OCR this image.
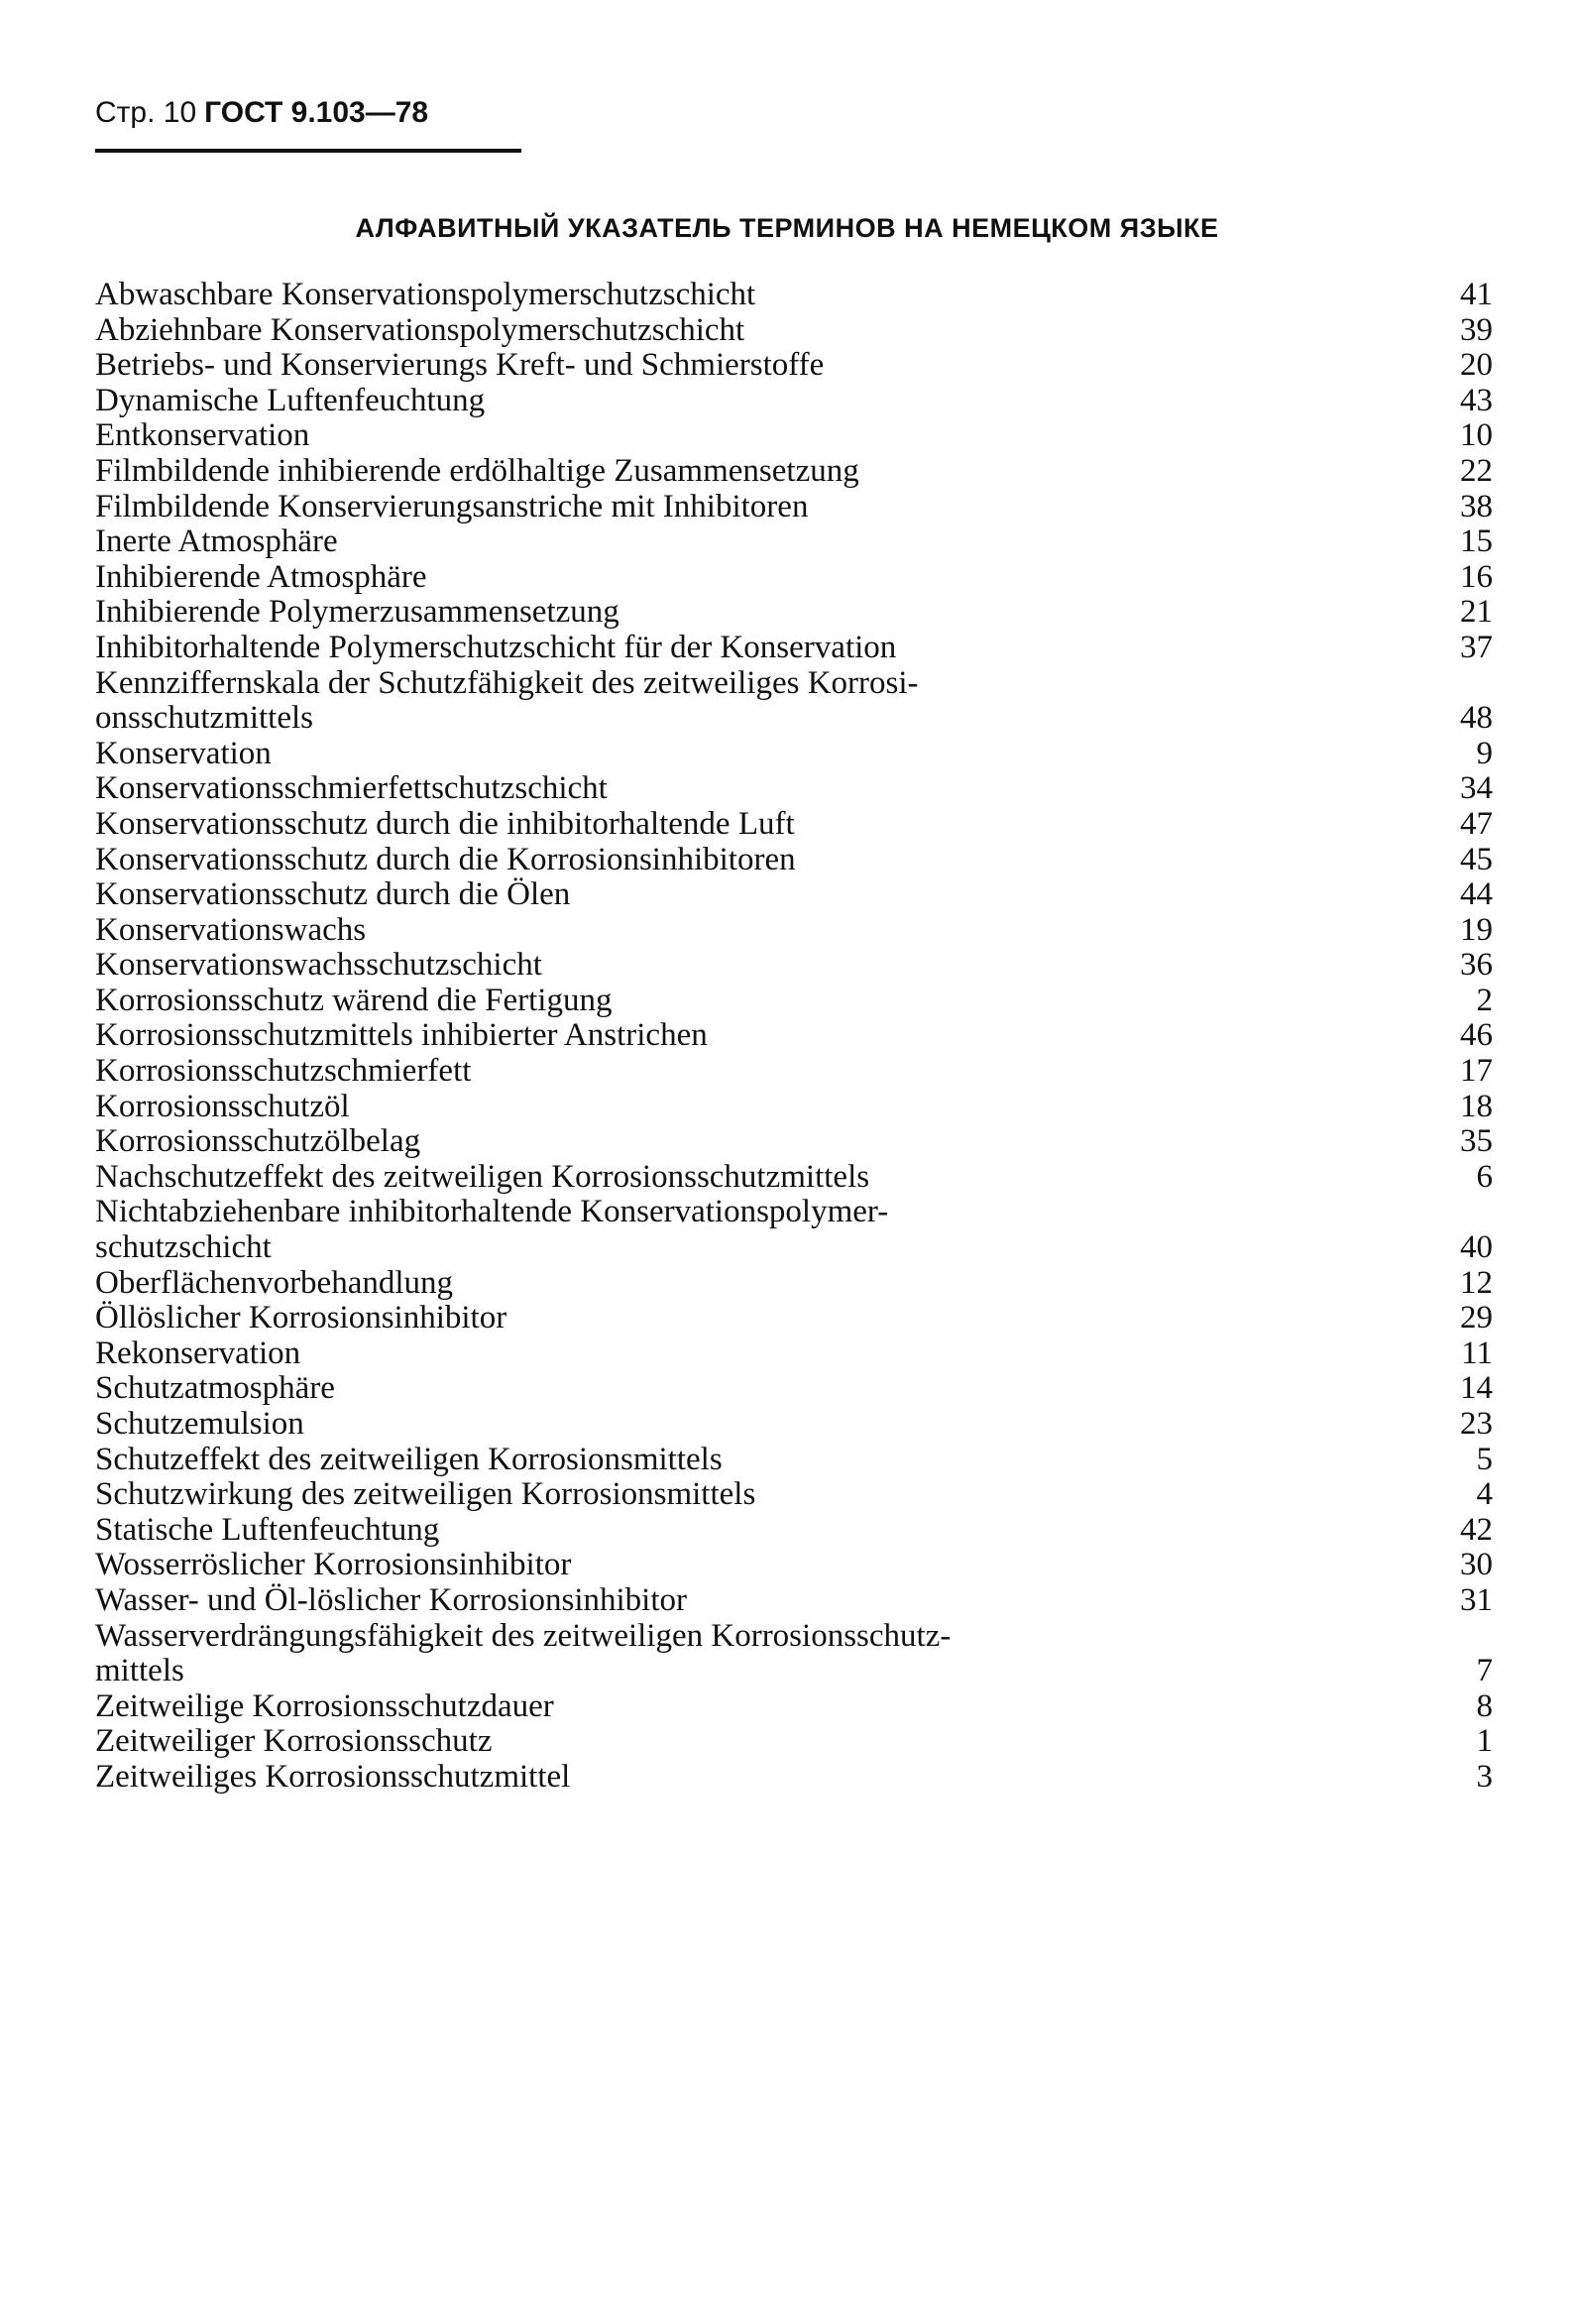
Стр. 10 ГОСТ 9.103—78
АЛФАВИТНЫЙ УКАЗАТЕЛЬ ТЕРМИНОВ НА НЕМЕЦКОМ ЯЗЫКЕ
Abwaschbare Konservationspolymerschutzschicht	41
Abziehnbare Konservationspolymerschutzschicht	39
Betriebs- und Konservierungs Kreft- und Schmierstoffe	20
Dynamische Luftenfeuchtung	43
Entkonservation	10
Filmbildende inhibierende erdölhaltige Zusammensetzung	22
Filmbildende Konservierungsanstriche mit Inhibitoren	38
Inerte Atmosphäre	15
Inhibierende Atmosphäre	16
Inhibierende Polymerzusammensetzung	21
Inhibitorhaltende Polymerschutzschicht für der Konservation	37
Kennziffernskala der Schutzfähigkeit des zeitweiliges Korrosi-
onsschutzmittels	48
Konservation	9
Konservationsschmierfettschutzschicht	34
Konservationsschutz durch die inhibitorhaltende Luft	47
Konservationsschutz durch die Korrosionsinhibitoren	45
Konservationsschutz durch die Ölen	44
Konservationswachs	19
Konservationswachsschutzschicht	36
Korrosionsschutz wärend die Fertigung	2
Korrosionsschutzmittels inhibierter Anstrichen	46
Korrosionsschutzschmierfett	17
Korrosionsschutzöl	18
Korrosionsschutzölbelag	35
Nachschutzeffekt des zeitweiligen Korrosionsschutzmittels	6
Nichtabziehenbare inhibitorhaltende Konservationspolymer-
schutzschicht	40
Oberflächenvorbehandlung	12
Öllöslicher Korrosionsinhibitor	29
Rekonservation	11
Schutzatmosphäre	14
Schutzemulsion	23
Schutzeffekt des zeitweiligen Korrosionsmittels	5
Schutzwirkung des zeitweiligen Korrosionsmittels	4
Statische Luftenfeuchtung	42
Wosserröslicher Korrosionsinhibitor	30
Wasser- und Öl-löslicher Korrosionsinhibitor	31
Wasserverdrängungsfähigkeit des zeitweiligen Korrosionsschutz-
mittels	7
Zeitweilige Korrosionsschutzdauer	8
Zeitweiliger Korrosionsschutz	1
Zeitweiliges Korrosionsschutzmittel	3
